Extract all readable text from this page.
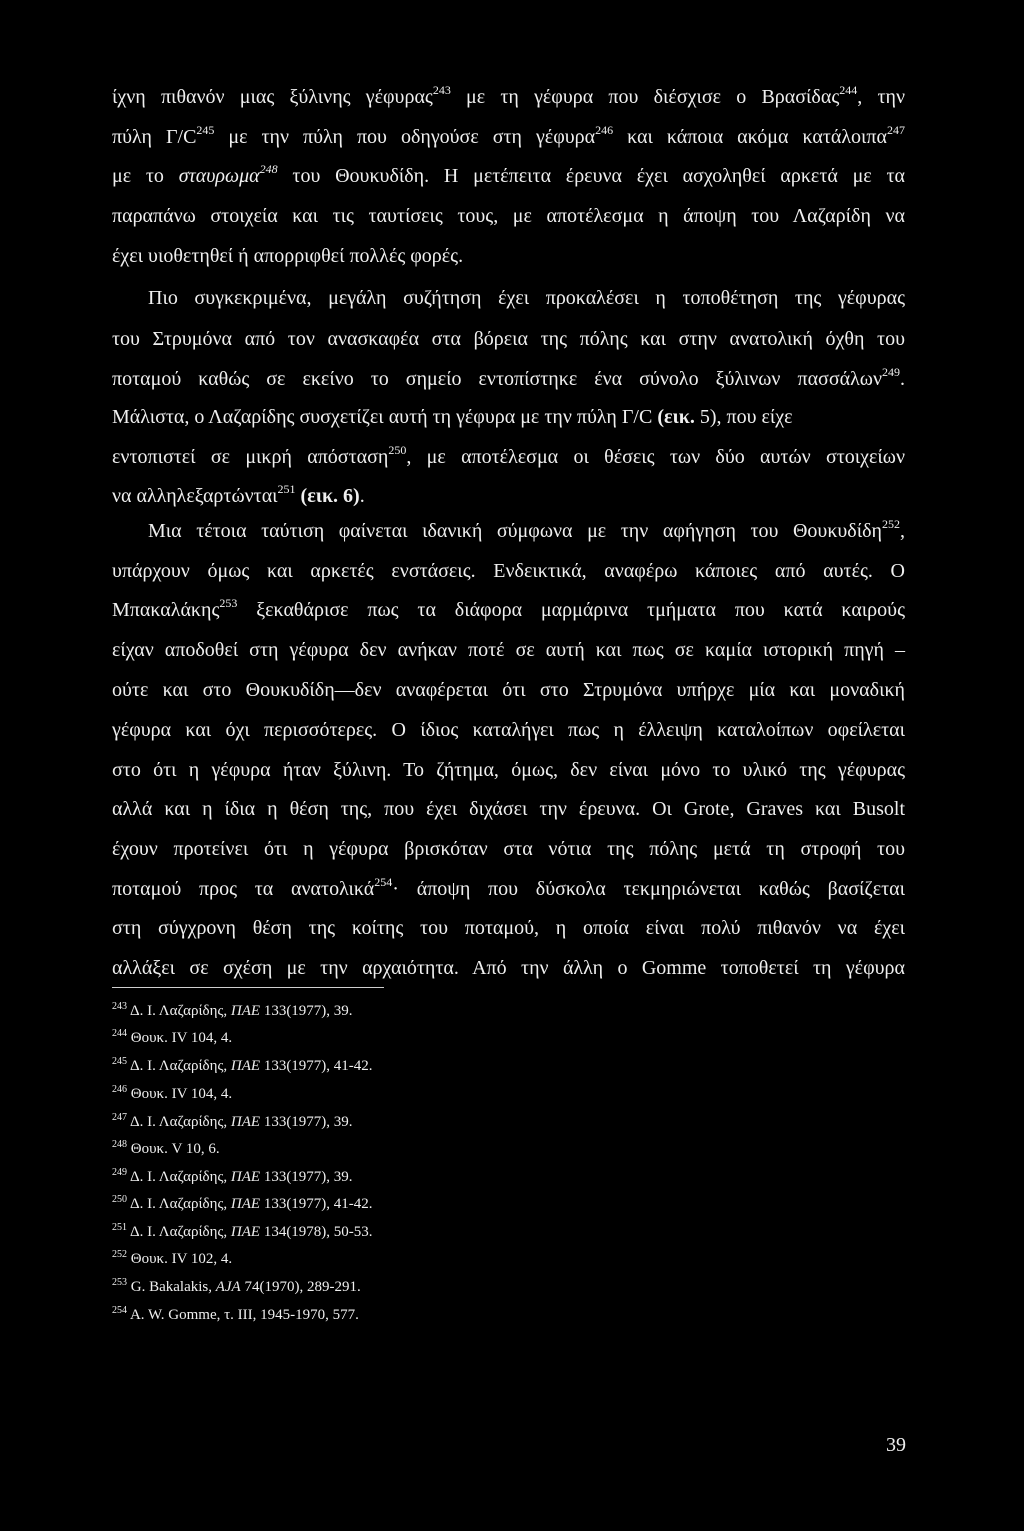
ίχνη πιθανόν μιας ξύλινης γέφυρας$^{243}$ με τη γέφυρα που διέσχισε ο Βρασίδας$^{244}$, την
πύλη $\Gamma/C^{245}$ με την πύλη που οδηγούσε στη γέφυρα$^{246}$ και κάποια ακόμα κατάλοιπα$^{247}$
με το σταυρωμα$^{248}$ του Θουκυδίδη. Η μετέπειτα έρευνα έχει ασχοληθεί αρκετά με τα
παραπάνω στοιχεία και τις ταυτίσεις τους, με αποτέλεσμα η άποψη του Λαζαρίδη να
έχει υιοθετηθεί ή απορριφθεί πολλές φορές.
Πιο συγκεκριμένα, μεγάλη συζήτηση έχει προκαλέσει η τοποθέτηση της γέφυρας
του Στρυμόνα από τον ανασκαφέα στα βόρεια της πόλης και στην ανατολική όχθη του
ποταμού καθώς σε εκείνο το σημείο εντοπίστηκε ένα σύνολο ξύλινων πασσάλων$^{249}$.
Μάλιστα, ο Λαζαρίδης συσχετίζει αυτή τη γέφυρα με την πύλη Γ/C (εικ. 5), που είχε
εντοπιστεί σε μικρή απόσταση$^{250}$, με αποτέλεσμα οι θέσεις των δύο αυτών στοιχείων
να αλληλεξαρτώνται$^{251}$ (εικ. 6).
Μια τέτοια ταύτιση φαίνεται ιδανική σύμφωνα με την αφήγηση του Θουκυδίδη$^{252}$,
υπάρχουν όμως και αρκετές ενστάσεις. Ενδεικτικά, αναφέρω κάποιες από αυτές. Ο
Μπακαλάκης$^{253}$ ξεκαθάρισε πως τα διάφορα μαρμάρινα τμήματα που κατά καιρούς
είχαν αποδοθεί στη γέφυρα δεν ανήκαν ποτέ σε αυτή και πως σε καμία ιστορική πηγή –
ούτε και στο Θουκυδίδη—δεν αναφέρεται ότι στο Στρυμόνα υπήρχε μία και μοναδική
γέφυρα και όχι περισσότερες. Ο ίδιος καταλήγει πως η έλλειψη καταλοίπων οφείλεται
στο ότι η γέφυρα ήταν ξύλινη. Το ζήτημα, όμως, δεν είναι μόνο το υλικό της γέφυρας
αλλά και η ίδια η θέση της, που έχει διχάσει την έρευνα. Οι Grote, Graves και Busolt
έχουν προτείνει ότι η γέφυρα βρισκόταν στα νότια της πόλης μετά τη στροφή του
ποταμού προς τα ανατολικά$^{254}$· άποψη που δύσκολα τεκμηριώνεται καθώς βασίζεται
στη σύγχρονη θέση της κοίτης του ποταμού, η οποία είναι πολύ πιθανόν να έχει
αλλάξει σε σχέση με την αρχαιότητα. Από την άλλη ο Gomme τοποθετεί τη γέφυρα
$^{243}$ Δ. Ι. Λαζαρίδης, ΠΑΕ 133(1977), 39.
$^{244}$ Θουκ. IV 104, 4.
$^{245}$ Δ. Ι. Λαζαρίδης, ΠΑΕ 133(1977), 41-42.
$^{246}$ Θουκ. IV 104, 4.
$^{247}$ Δ. Ι. Λαζαρίδης, ΠΑΕ 133(1977), 39.
$^{248}$ Θουκ. V 10, 6.
$^{249}$ Δ. Ι. Λαζαρίδης, ΠΑΕ 133(1977), 39.
$^{250}$ Δ. Ι. Λαζαρίδης, ΠΑΕ 133(1977), 41-42.
$^{251}$ Δ. Ι. Λαζαρίδης, ΠΑΕ 134(1978), 50-53.
$^{252}$ Θουκ. IV 102, 4.
$^{253}$ G. Bakalakis, AJA 74(1970), 289-291.
$^{254}$ A. W. Gomme, τ. III, 1945-1970, 577.
39
